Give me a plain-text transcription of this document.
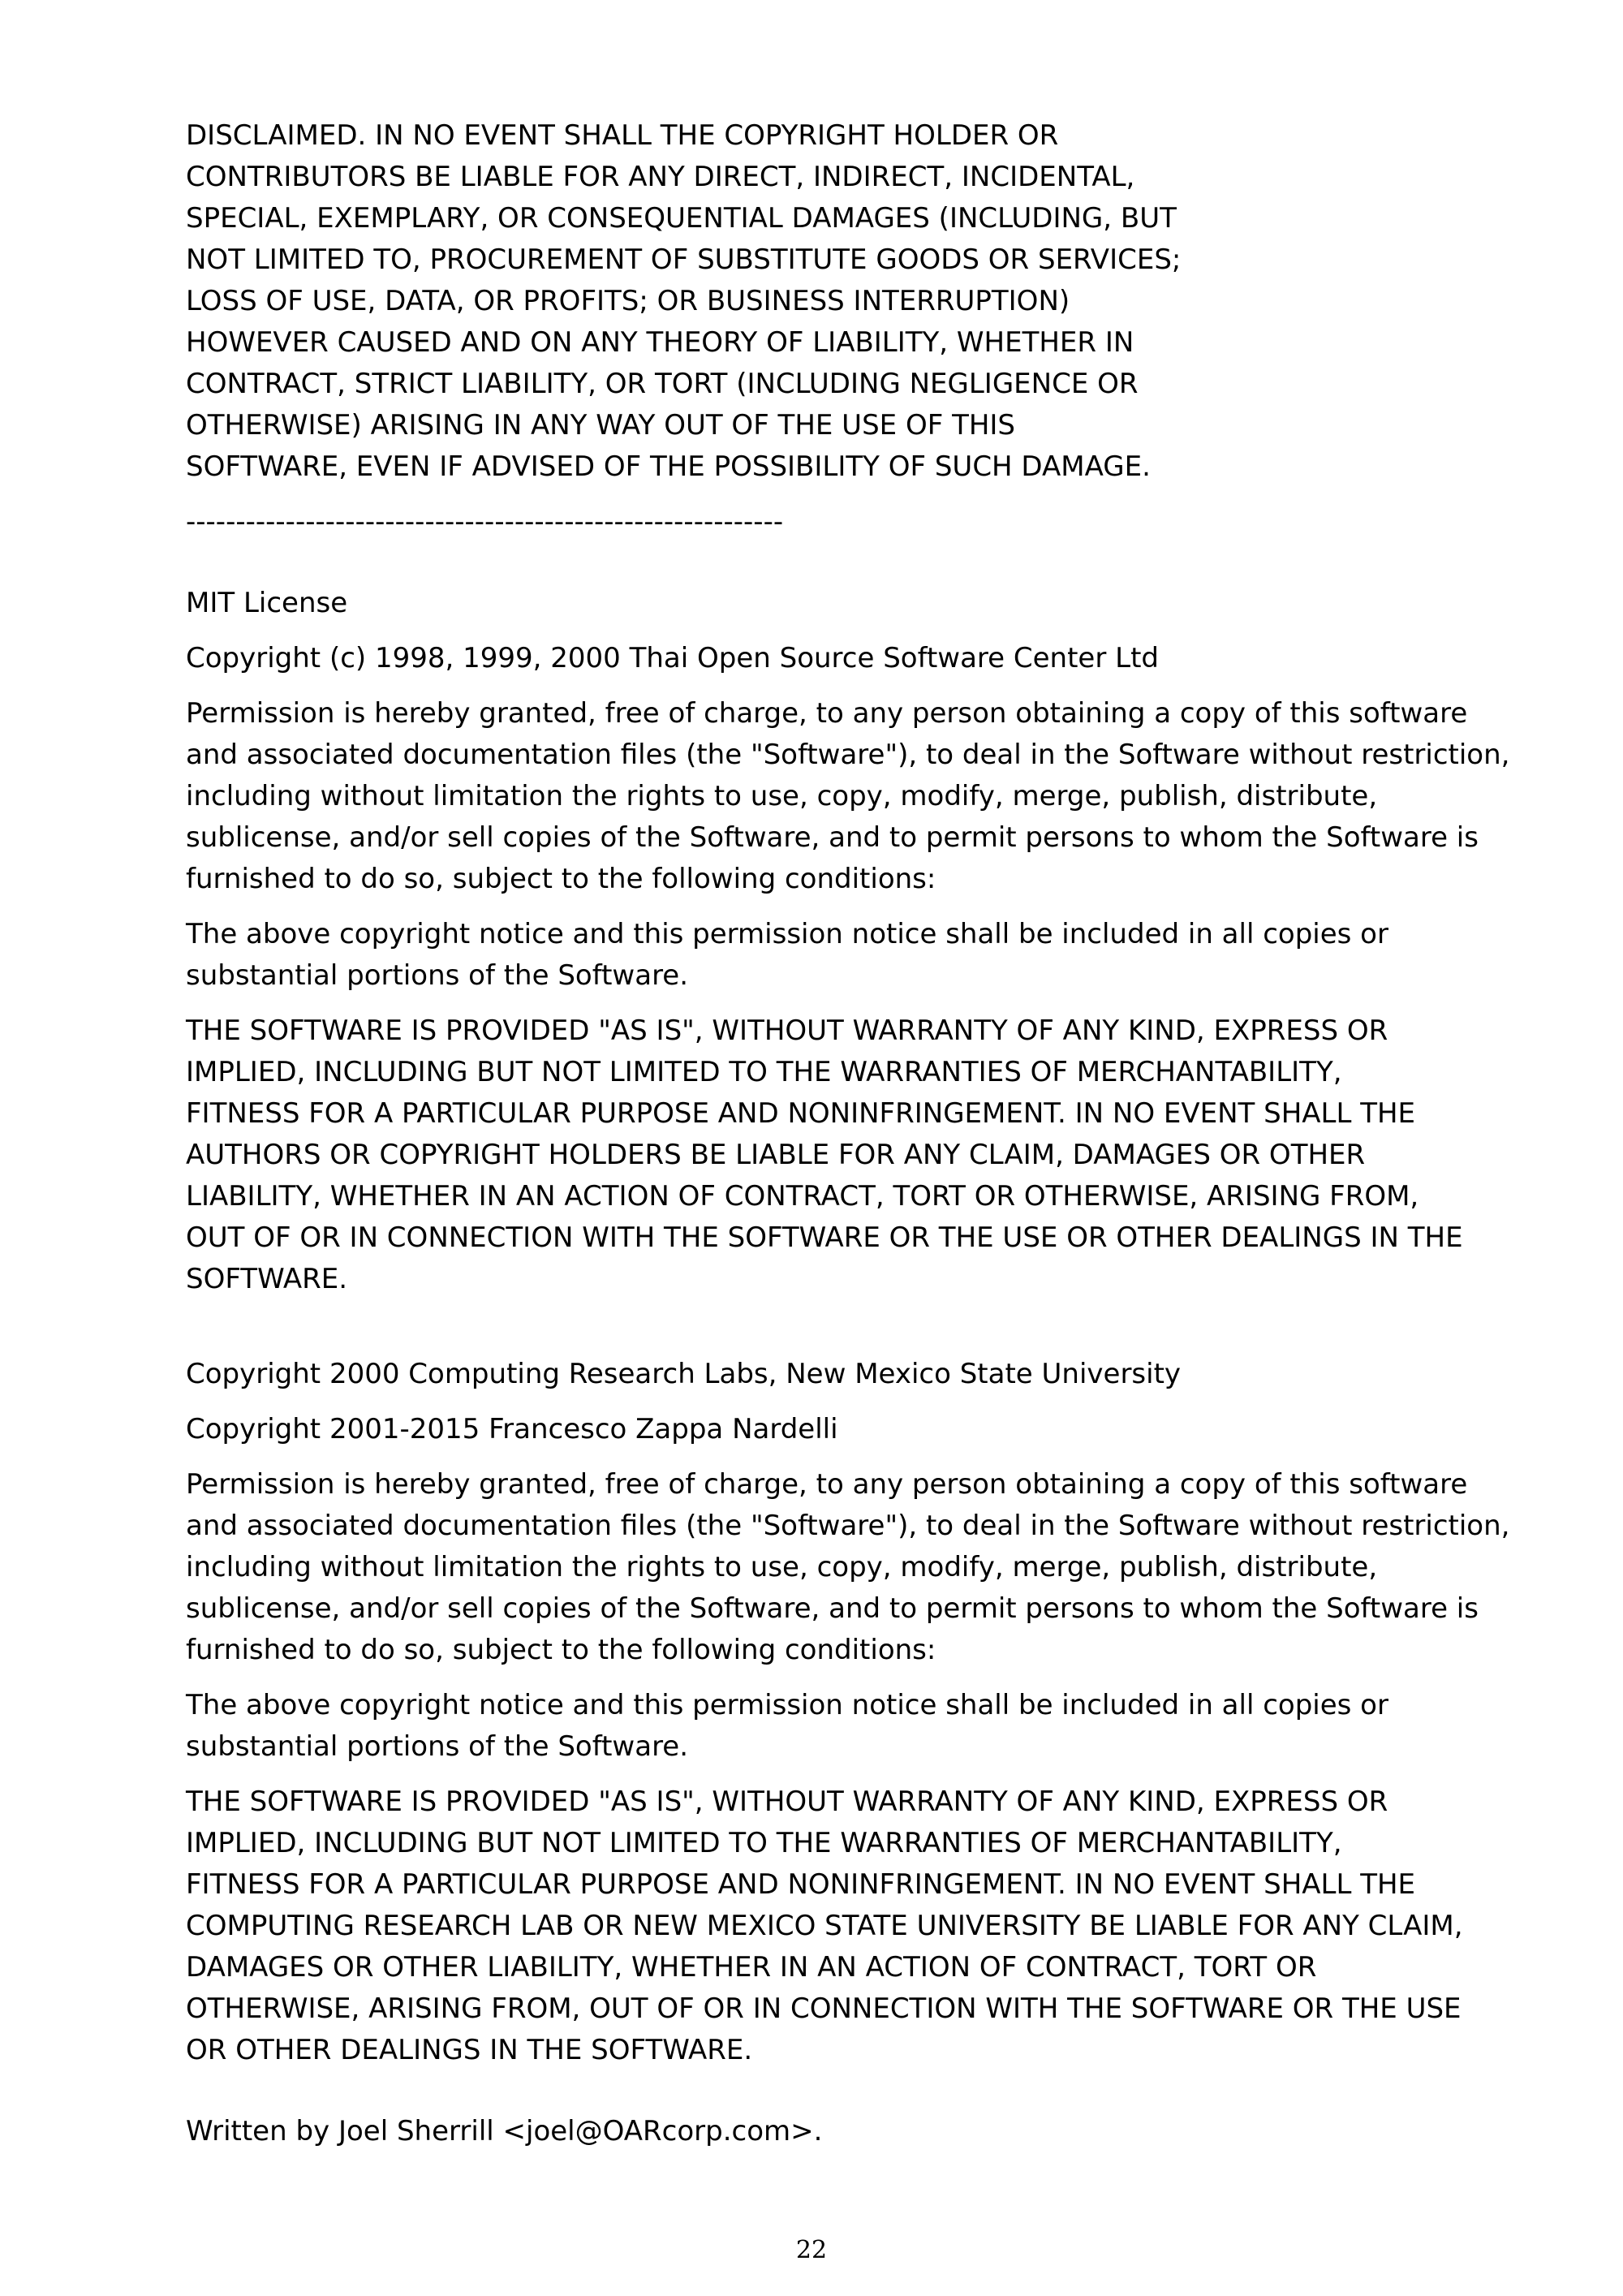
DISCLAIMED. IN NO EVENT SHALL THE COPYRIGHT HOLDER OR
CONTRIBUTORS BE LIABLE FOR ANY DIRECT, INDIRECT, INCIDENTAL,
SPECIAL, EXEMPLARY, OR CONSEQUENTIAL DAMAGES (INCLUDING, BUT
NOT LIMITED TO, PROCUREMENT OF SUBSTITUTE GOODS OR SERVICES;
LOSS OF USE, DATA, OR PROFITS; OR BUSINESS INTERRUPTION)
HOWEVER CAUSED AND ON ANY THEORY OF LIABILITY, WHETHER IN
CONTRACT, STRICT LIABILITY, OR TORT (INCLUDING NEGLIGENCE OR
OTHERWISE) ARISING IN ANY WAY OUT OF THE USE OF THIS
SOFTWARE, EVEN IF ADVISED OF THE POSSIBILITY OF SUCH DAMAGE.
------------------------------------------------------------
MIT License
Copyright (c) 1998, 1999, 2000 Thai Open Source Software Center Ltd
Permission is hereby granted, free of charge, to any person obtaining a copy of this software
and associated documentation files (the "Software"), to deal in the Software without restriction,
including without limitation the rights to use, copy, modify, merge, publish, distribute,
sublicense, and/or sell copies of the Software, and to permit persons to whom the Software is
furnished to do so, subject to the following conditions:
The above copyright notice and this permission notice shall be included in all copies or
substantial portions of the Software.
THE SOFTWARE IS PROVIDED "AS IS", WITHOUT WARRANTY OF ANY KIND, EXPRESS OR
IMPLIED, INCLUDING BUT NOT LIMITED TO THE WARRANTIES OF MERCHANTABILITY,
FITNESS FOR A PARTICULAR PURPOSE AND NONINFRINGEMENT. IN NO EVENT SHALL THE
AUTHORS OR COPYRIGHT HOLDERS BE LIABLE FOR ANY CLAIM, DAMAGES OR OTHER
LIABILITY, WHETHER IN AN ACTION OF CONTRACT, TORT OR OTHERWISE, ARISING FROM,
OUT OF OR IN CONNECTION WITH THE SOFTWARE OR THE USE OR OTHER DEALINGS IN THE
SOFTWARE.
Copyright 2000 Computing Research Labs, New Mexico State University
Copyright 2001-2015 Francesco Zappa Nardelli
Permission is hereby granted, free of charge, to any person obtaining a copy of this software
and associated documentation files (the "Software"), to deal in the Software without restriction,
including without limitation the rights to use, copy, modify, merge, publish, distribute,
sublicense, and/or sell copies of the Software, and to permit persons to whom the Software is
furnished to do so, subject to the following conditions:
The above copyright notice and this permission notice shall be included in all copies or
substantial portions of the Software.
THE SOFTWARE IS PROVIDED "AS IS", WITHOUT WARRANTY OF ANY KIND, EXPRESS OR
IMPLIED, INCLUDING BUT NOT LIMITED TO THE WARRANTIES OF MERCHANTABILITY,
FITNESS FOR A PARTICULAR PURPOSE AND NONINFRINGEMENT. IN NO EVENT SHALL THE
COMPUTING RESEARCH LAB OR NEW MEXICO STATE UNIVERSITY BE LIABLE FOR ANY CLAIM,
DAMAGES OR OTHER LIABILITY, WHETHER IN AN ACTION OF CONTRACT, TORT OR
OTHERWISE, ARISING FROM, OUT OF OR IN CONNECTION WITH THE SOFTWARE OR THE USE
OR OTHER DEALINGS IN THE SOFTWARE.
Written by Joel Sherrill <joel@OARcorp.com>.
22
